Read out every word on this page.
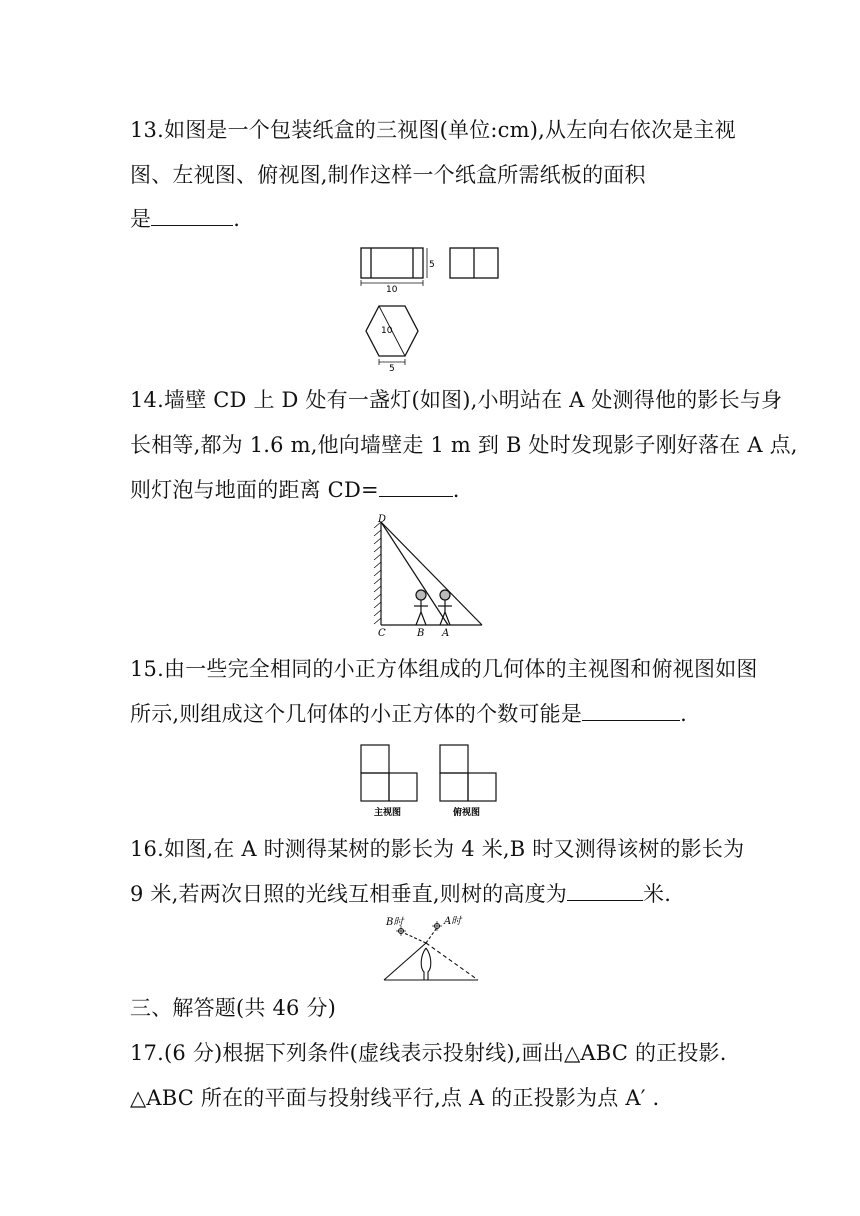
13.如图是一个包装纸盒的三视图(单位:cm),从左向右依次是主视
图、左视图、俯视图,制作这样一个纸盒所需纸板的面积
是	.
5
10
10
5
14.墙壁 CD 上 D 处有一盏灯(如图),小明站在 A 处测得他的影长与身
长相等,都为 1.6 m,他向墙壁走 1 m 到 B 处时发现影子刚好落在 A 点,
则灯泡与地面的距离 CD=	.
D
C	B A
15.由一些完全相同的小正方体组成的几何体的主视图和俯视图如图
所示,则组成这个几何体的小正方体的个数可能是	.
主视图	俯视图
16.如图,在 A 时测得某树的影长为 4 米,B 时又测得该树的影长为
9 米,若两次日照的光线互相垂直,则树的高度为	米.
B时	A时
三、解答题(共 46 分)
17.(6 分)根据下列条件(虚线表示投射线),画出△ABC 的正投影.
△ABC 所在的平面与投射线平行,点 A 的正投影为点 A′ .
